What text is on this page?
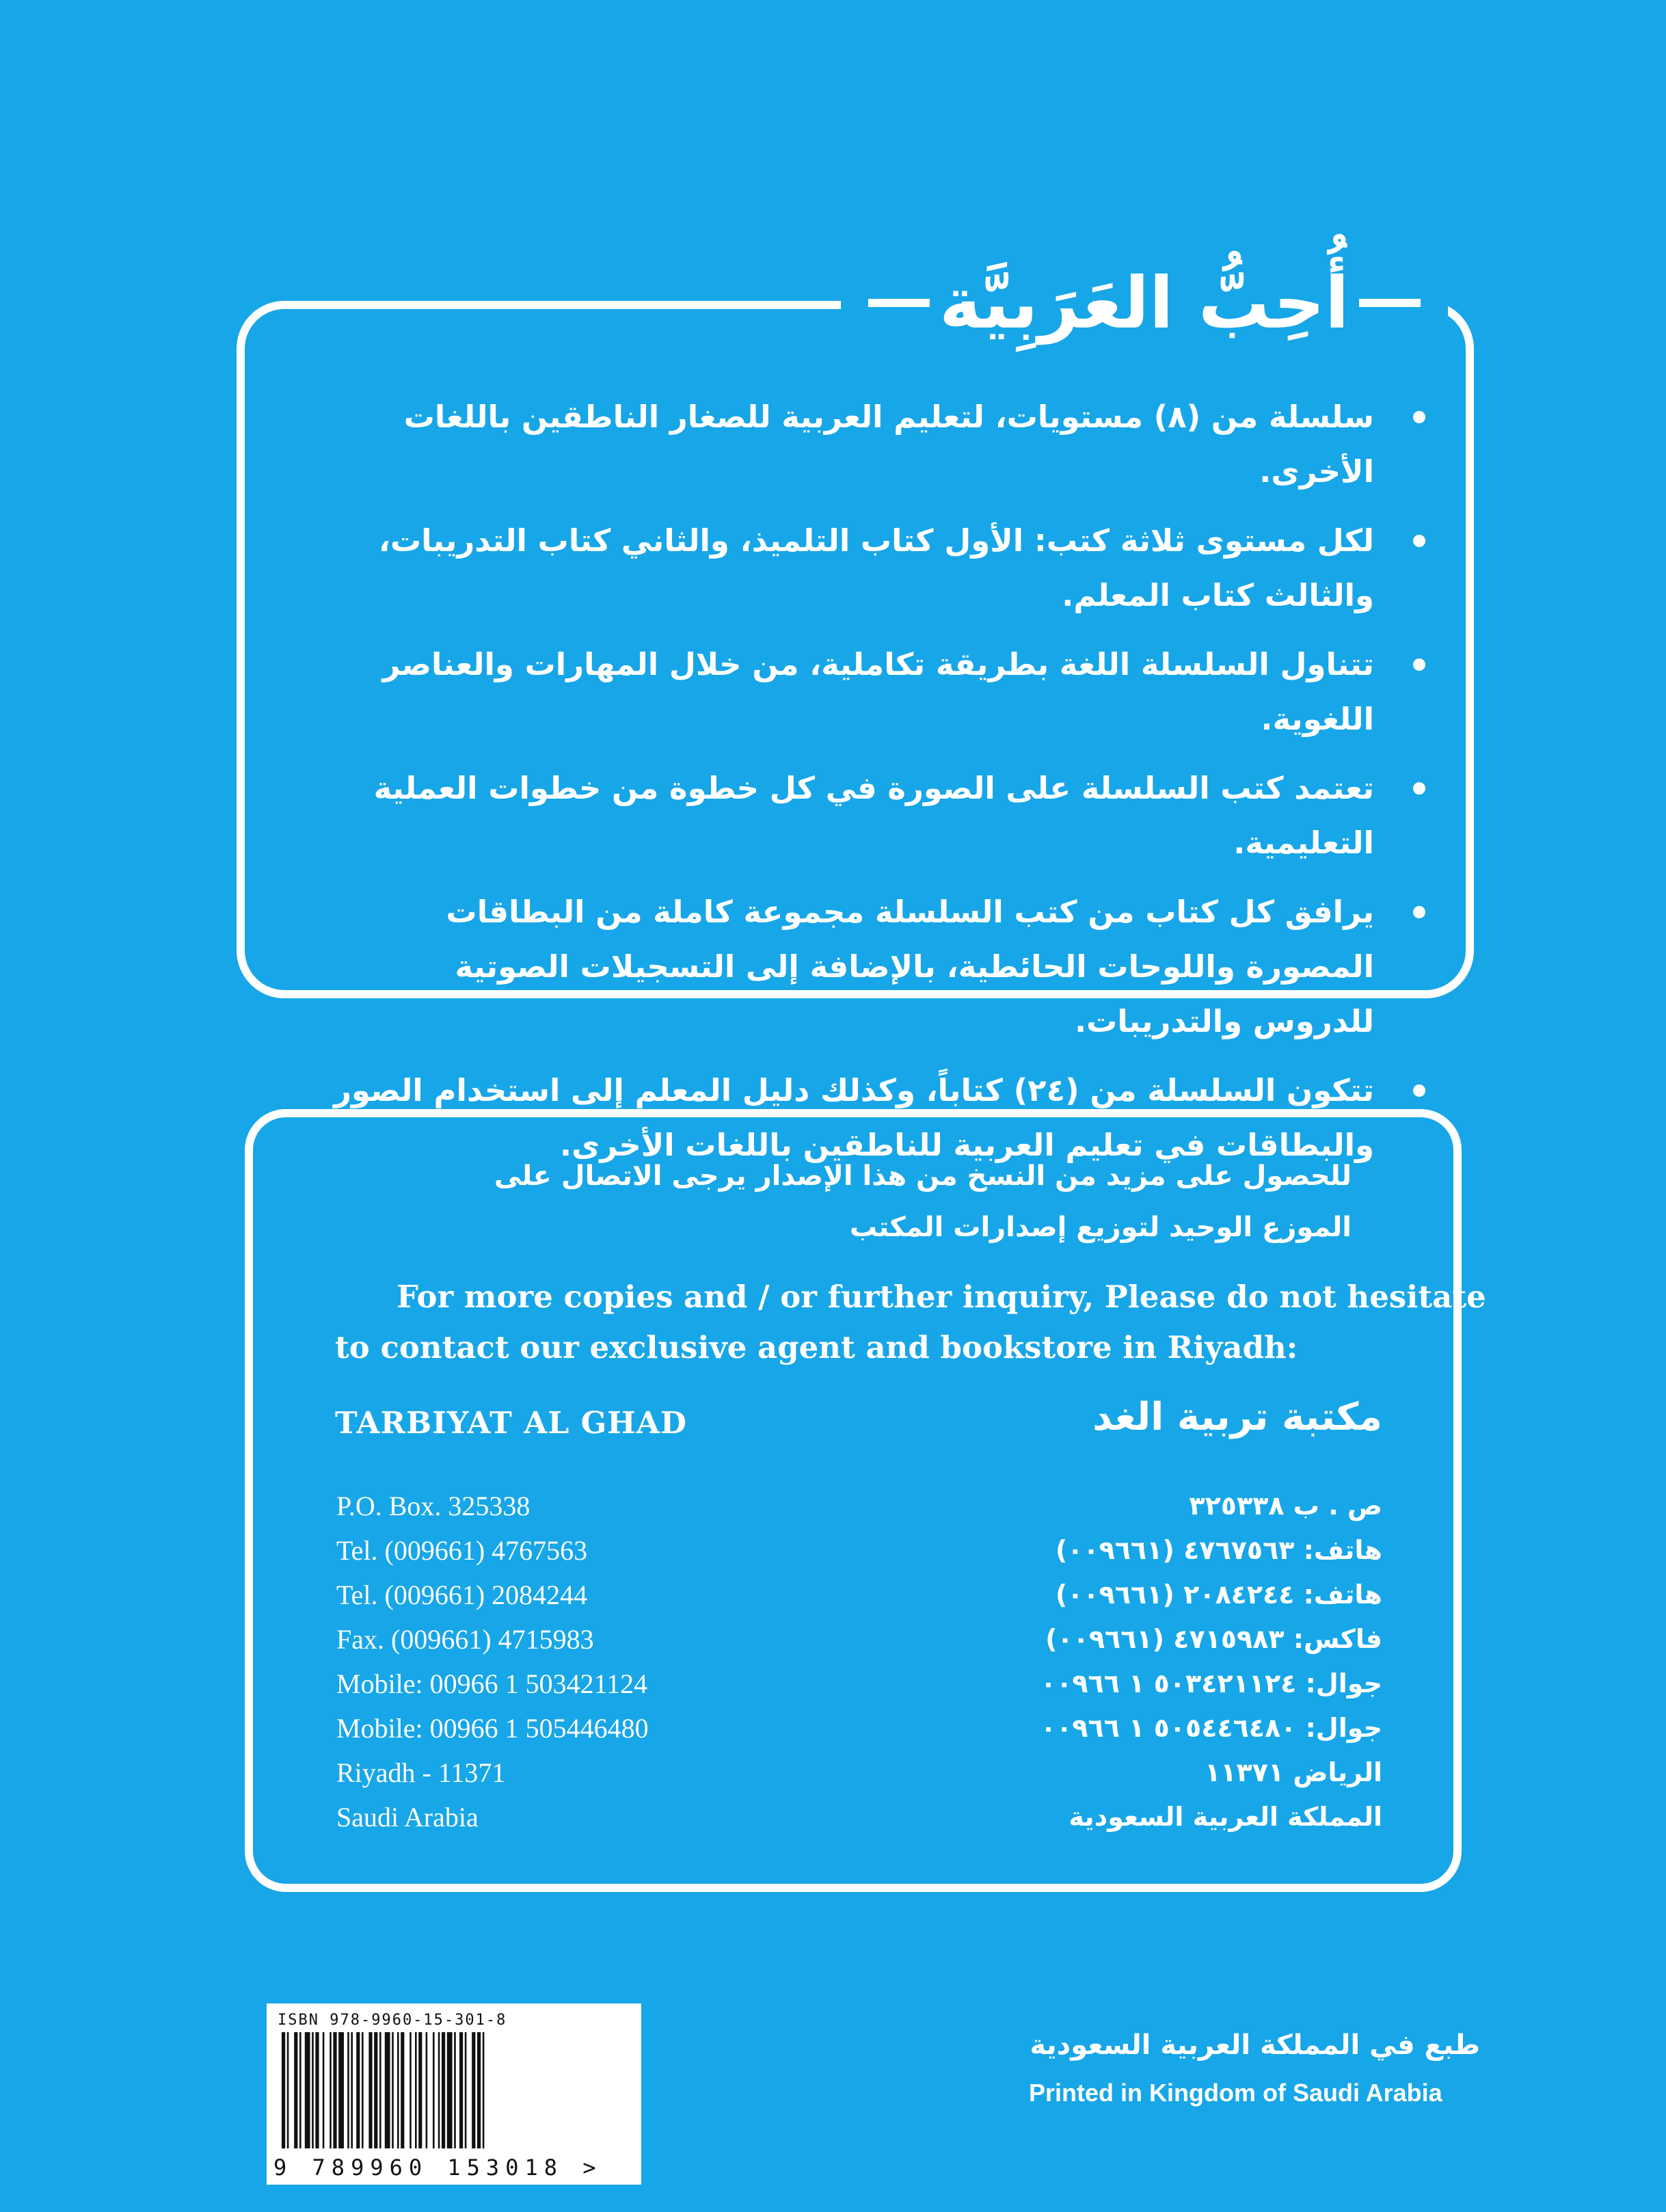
أُحِبُّ العَرَبِيَّة
سلسلة من (٨) مستويات، لتعليم العربية للصغار الناطقين باللغات الأخرى.
لكل مستوى ثلاثة كتب: الأول كتاب التلميذ، والثاني كتاب التدريبات، والثالث كتاب المعلم.
تتناول السلسلة اللغة بطريقة تكاملية، من خلال المهارات والعناصر اللغوية.
تعتمد كتب السلسلة على الصورة في كل خطوة من خطوات العملية التعليمية.
يرافق كل كتاب من كتب السلسلة مجموعة كاملة من البطاقات المصورة واللوحات الحائطية، بالإضافة إلى التسجيلات الصوتية للدروس والتدريبات.
تتكون السلسلة من (٢٤) كتاباً، وكذلك دليل المعلم إلى استخدام الصور والبطاقات في تعليم العربية للناطقين باللغات الأخرى.
للحصول على مزيد من النسخ من هذا الإصدار يرجى الاتصال على
الموزع الوحيد لتوزيع إصدارات المكتب
For more copies and / or further inquiry, Please do not hesitate
to contact our exclusive agent and bookstore in Riyadh:
TARBIYAT AL GHAD	مكتبة تربية الغد
P.O. Box. 325338
Tel. (009661) 4767563
Tel. (009661) 2084244
Fax. (009661) 4715983
Mobile: 00966 1 503421124
Mobile: 00966 1 505446480
Riyadh - 11371
Saudi Arabia
ص . ب ٣٢٥٣٣٨
هاتف: ٤٧٦٧٥٦٣ (٠٠٩٦٦١)
هاتف: ٢٠٨٤٢٤٤ (٠٠٩٦٦١)
فاكس: ٤٧١٥٩٨٣ (٠٠٩٦٦١)
جوال: ٥٠٣٤٢١١٢٤ ١ ٠٠٩٦٦
جوال: ٥٠٥٤٤٦٤٨٠ ١ ٠٠٩٦٦
الرياض ١١٣٧١
المملكة العربية السعودية
ISBN 978-9960-15-301-8
9 789960 153018 >
طبع في المملكة العربية السعودية
Printed in Kingdom of Saudi Arabia
